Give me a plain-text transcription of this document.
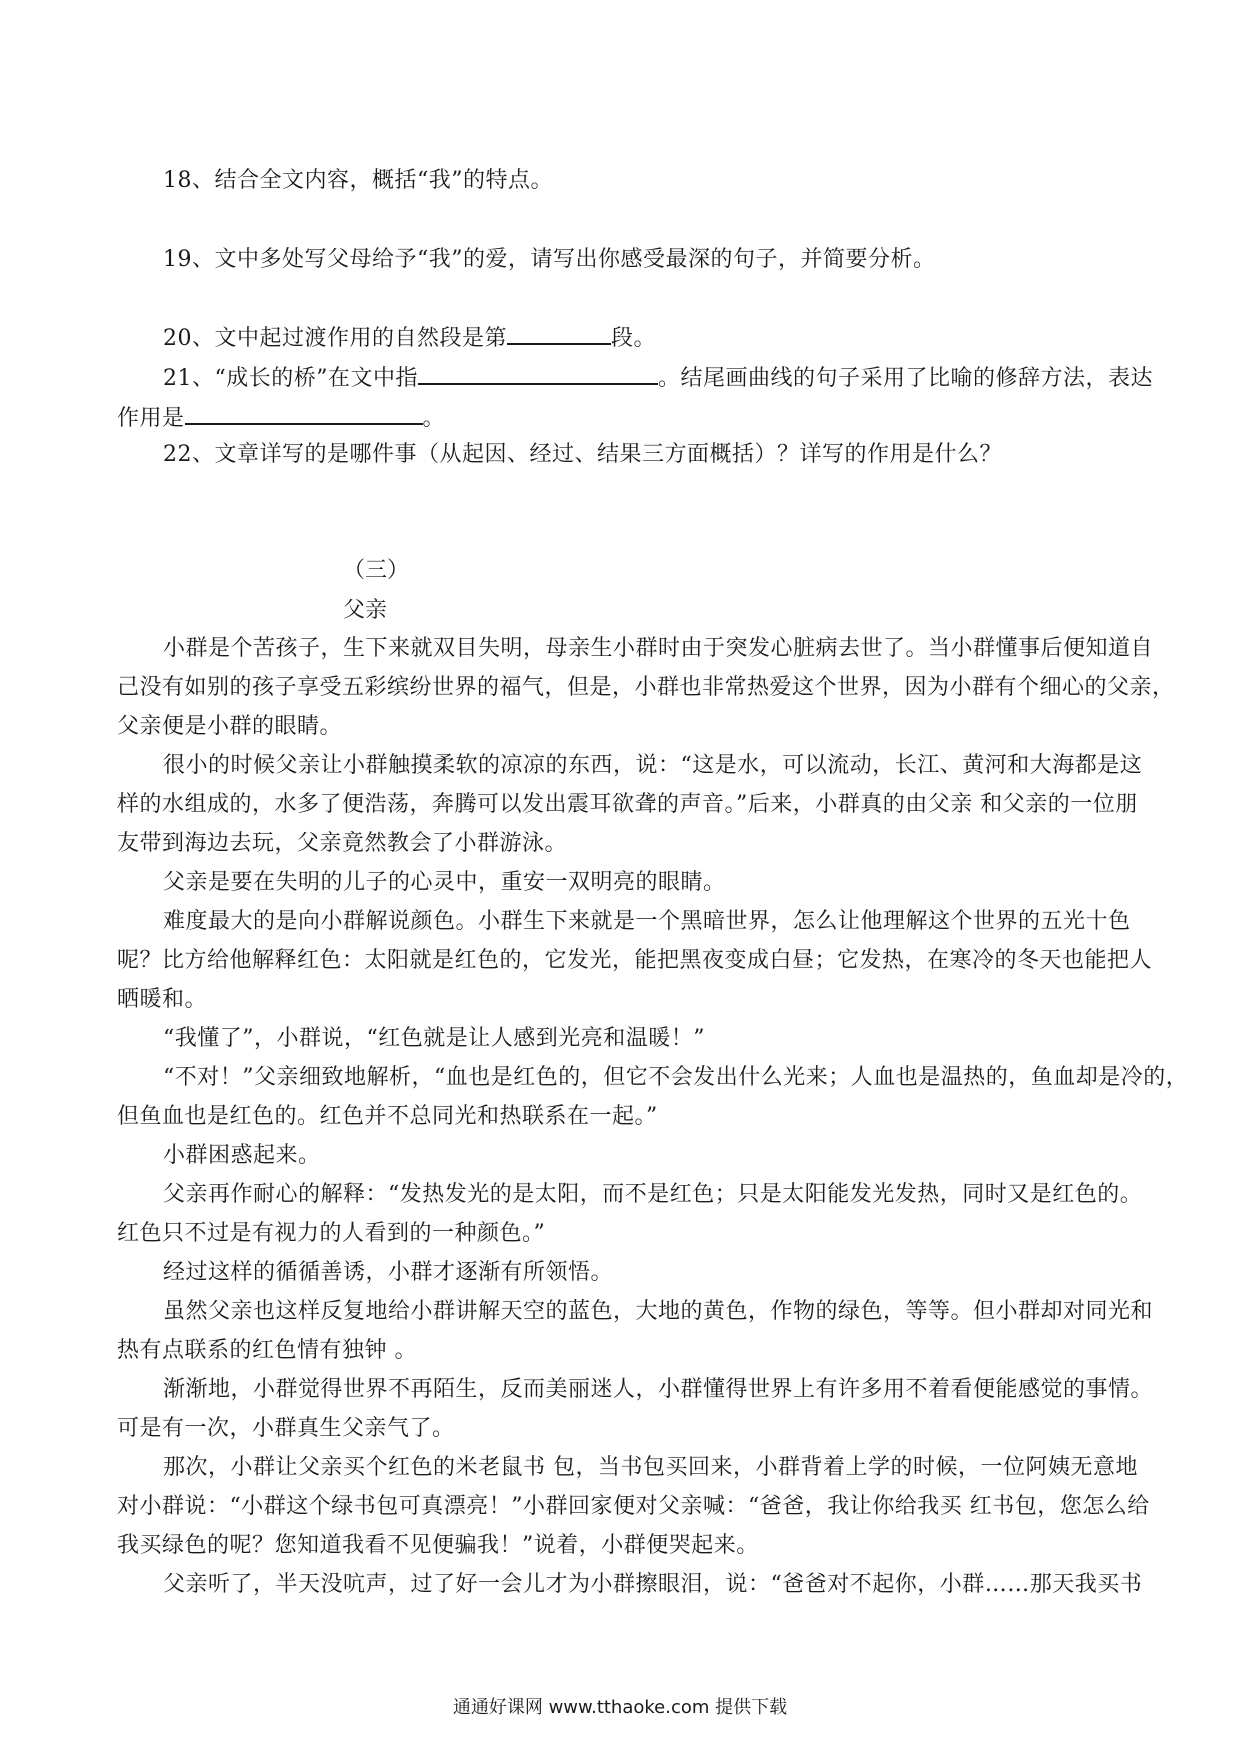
18、结合全文内容，概括“我”的特点。
19、文中多处写父母给予“我”的爱，请写出你感受最深的句子，并简要分析。
20、文中起过渡作用的自然段是第	段。
21、“成长的桥”在文中指	。结尾画曲线的句子采用了比喻的修辞方法，表达
作用是	。
22、文章详写的是哪件事（从起因、经过、结果三方面概括）？详写的作用是什么？
（三）
父亲
小群是个苦孩子，生下来就双目失明，母亲生小群时由于突发心脏病去世了。当小群懂事后便知道自
己没有如别的孩子享受五彩缤纷世界的福气，但是，小群也非常热爱这个世界，因为小群有个细心的父亲，
父亲便是小群的眼睛。
很小的时候父亲让小群触摸柔软的凉凉的东西，说：“这是水，可以流动，长江、黄河和大海都是这
样的水组成的，水多了便浩荡，奔腾可以发出震耳欲聋的声音。”后来，小群真的由父亲 和父亲的一位朋
友带到海边去玩，父亲竟然教会了小群游泳。
父亲是要在失明的儿子的心灵中，重安一双明亮的眼睛。
难度最大的是向小群解说颜色。小群生下来就是一个黑暗世界，怎么让他理解这个世界的五光十色
呢？比方给他解释红色：太阳就是红色的，它发光，能把黑夜变成白昼；它发热，在寒冷的冬天也能把人
晒暖和。
“我懂了”，小群说，“红色就是让人感到光亮和温暖！”
“不对！”父亲细致地解析，“血也是红色的，但它不会发出什么光来；人血也是温热的，鱼血却是冷的，
但鱼血也是红色的。红色并不总同光和热联系在一起。”
小群困惑起来。
父亲再作耐心的解释：“发热发光的是太阳，而不是红色；只是太阳能发光发热，同时又是红色的。
红色只不过是有视力的人看到的一种颜色。”
经过这样的循循善诱，小群才逐渐有所领悟。
虽然父亲也这样反复地给小群讲解天空的蓝色，大地的黄色，作物的绿色，等等。但小群却对同光和
热有点联系的红色情有独钟 。
渐渐地，小群觉得世界不再陌生，反而美丽迷人，小群懂得世界上有许多用不着看便能感觉的事情。
可是有一次，小群真生父亲气了。
那次，小群让父亲买个红色的米老鼠书 包，当书包买回来，小群背着上学的时候，一位阿姨无意地
对小群说：“小群这个绿书包可真漂亮！”小群回家便对父亲喊：“爸爸，我让你给我买 红书包，您怎么给
我买绿色的呢？您知道我看不见便骗我！”说着，小群便哭起来。
父亲听了，半天没吭声，过了好一会儿才为小群擦眼泪，说：“爸爸对不起你，小群……那天我买书
通通好课网 www.tthaoke.com 提供下载
